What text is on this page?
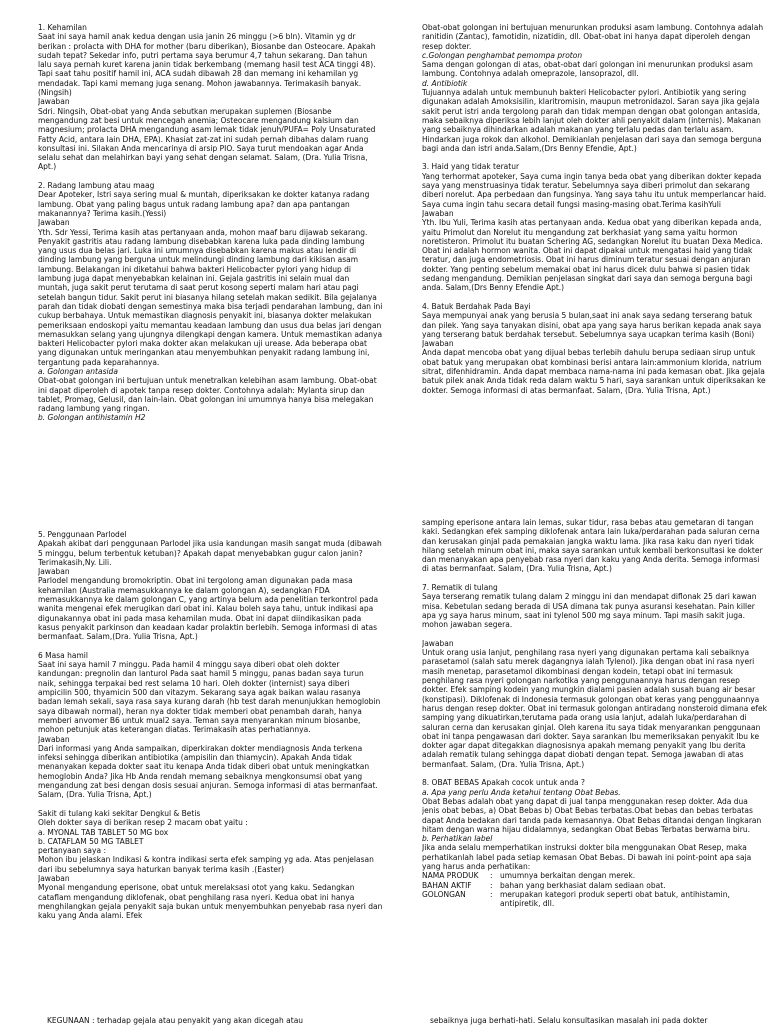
1. Kehamilan
Saat ini saya hamil anak kedua dengan usia janin 26 minggu (>6 bln). Vitamin yg dr berikan : prolacta with DHA for mother (baru diberikan), Biosanbe dan Osteocare. Apakah sudah tepat? Sekedar info, putri pertama saya berumur 4,7 tahun sekarang. Dan tahun lalu saya pernah kuret karena janin tidak berkembang (memang hasil test ACA tinggi 48). Tapi saat tahu positif hamil ini, ACA sudah dibawah 28 dan memang ini kehamilan yg mendadak. Tapi kami memang juga senang. Mohon jawabannya. Terimakasih banyak.(Ningsih)
Jawaban
Sdri. Ningsih, Obat-obat yang Anda sebutkan merupakan suplemen (Biosanbe mengandung zat besi untuk mencegah anemia; Osteocare mengandung kalsium dan magnesium; prolacta DHA mengandung asam lemak tidak jenuh/PUFA= Poly Unsaturated Fatty Acid, antara lain DHA, EPA). Khasiat zat-zat ini sudah pernah dibahas dalam ruang konsultasi ini. Silakan Anda mencarinya di arsip PIO. Saya turut mendoakan agar Anda selalu sehat dan melahirkan bayi yang sehat dengan selamat. Salam, (Dra. Yulia Trisna, Apt.)

2. Radang lambung atau maag
Dear Apoteker, Istri saya sering mual & muntah, diperiksakan ke dokter katanya radang lambung. Obat yang paling bagus untuk radang lambung apa? dan apa pantangan makanannya? Terima kasih.(Yessi)
Jawaban
Yth. Sdr Yessi, Terima kasih atas pertanyaan anda, mohon maaf baru dijawab sekarang. Penyakit gastritis atau radang lambung disebabkan karena luka pada dinding lambung yang usus dua belas jari. Luka ini umumnya disebabkan karena makus atau lendir di dinding lambung yang berguna untuk melindungi dinding lambung dari kikisan asam lambung. Belakangan ini diketahui bahwa bakteri Helicobacter pylori yang hidup di lambung juga dapat menyebabkan kelainan ini. Gejala gastritis ini selain mual dan muntah, juga sakit perut terutama di saat perut kosong seperti malam hari atau pagi setelah bangun tidur. Sakit perut ini biasanya hilang setelah makan sedikit. Bila gejalanya parah dan tidak diobati dengan semestinya maka bisa terjadi pendarahan lambung, dan ini cukup berbahaya. Untuk memastikan diagnosis penyakit ini, biasanya dokter melakukan pemeriksaan endoskopi yaitu memantau keadaan lambung dan usus dua belas jari dengan memasukkan selang yang ujungnya dilengkapi dengan kamera. Untuk memastikan adanya bakteri Helicobacter pylori maka dokter akan melakukan uji urease. Ada beberapa obat yang digunakan untuk meringankan atau menyembuhkan penyakit radang lambung ini, tergantung pada keparahannya.
a. Golongan antasida
Obat-obat golongan ini bertujuan untuk menetralkan kelebihan asam lambung. Obat-obat ini dapat diperoleh di apotek tanpa resep dokter. Contohnya adalah: Mylanta sirup dan tablet, Promag, Gelusil, dan lain-lain. Obat golongan ini umumnya hanya bisa melegakan radang lambung yang ringan.
b. Golongan antihistamin H2
Obat-obat golongan ini bertujuan menurunkan produksi asam lambung. Contohnya adalah ranitidin (Zantac), famotidin, nizatidin, dll. Obat-obat ini hanya dapat diperoleh dengan resep dokter.
c.Golongan penghambat pemompa proton
Sama dengan golongan di atas, obat-obat dari golongan ini menurunkan produksi asam lambung. Contohnya adalah omeprazole, lansoprazol, dll.
d. Antibiotik
Tujuannya adalah untuk membunuh bakteri Helicobacter pylori. Antibiotik yang sering digunakan adalah Amoksisilin, klaritromisin, maupun metronidazol. Saran saya jika gejala sakit perut istri anda tergolong parah dan tidak mempan dengan obat golongan antasida, maka sebaiknya diperiksa lebih lanjut oleh dokter ahli penyakit dalam (internis). Makanan yang sebaiknya dihindarkan adalah makanan yang terlalu pedas dan terlalu asam. Hindarkan juga rokok dan alkohol. Demikianlah penjelasan dari saya dan semoga berguna bagi anda dan istri anda.Salam,(Drs Benny Efendie, Apt.)

3. Haid yang tidak teratur
Yang terhormat apoteker, Saya cuma ingin tanya beda obat yang diberikan dokter kepada saya yang menstruasinya tidak teratur. Sebelumnya saya diberi primolut dan sekarang diberi norelut. Apa perbedaan dan fungsinya. Yang saya tahu itu untuk memperlancar haid. Saya cuma ingin tahu secara detail fungsi masing-masing obat.Terima kasihYuli
Jawaban
Yth. Ibu Yuli, Terima kasih atas pertanyaan anda. Kedua obat yang diberikan kepada anda, yaitu Primolut dan Norelut itu mengandung zat berkhasiat yang sama yaitu hormon noretisteron. Primolut itu buatan Schering AG, sedangkan Norelut itu buatan Dexa Medica. Obat ini adalah hormon wanita. Obat ini dapat dipakai untuk mengatasi haid yang tidak teratur, dan juga endometriosis. Obat ini harus diminum teratur sesuai dengan anjuran dokter. Yang penting sebelum memakai obat ini harus dicek dulu bahwa si pasien tidak sedang mengandung. Demikian penjelasan singkat dari saya dan semoga berguna bagi anda. Salam,(Drs Benny Efendie Apt.)

4. Batuk Berdahak Pada Bayi
Saya mempunyai anak yang berusia 5 bulan,saat ini anak saya sedang terserang batuk dan pilek. Yang saya tanyakan disini, obat apa yang saya harus berikan kepada anak saya yang terserang batuk berdahak tersebut. Sebelumnya saya ucapkan terima kasih (Boni)
Jawaban
Anda dapat mencoba obat yang dijual bebas terlebih dahulu berupa sediaan sirup untuk obat batuk yang merupakan obat kombinasi berisi antara lain:ammonium klorida, natrium sitrat, difenhidramin. Anda dapat membaca nama-nama ini pada kemasan obat. Jika gejala batuk pilek anak Anda tidak reda dalam waktu 5 hari, saya sarankan untuk diperiksakan ke dokter. Semoga informasi di atas bermanfaat. Salam, (Dra. Yulia Trisna, Apt.)
5. Penggunaan Parlodel
Apakah akibat dari penggunaan Parlodel jika usia kandungan masih sangat muda (dibawah 5 minggu, belum terbentuk ketuban)? Apakah dapat menyebabkan gugur calon janin? Terimakasih,Ny. Lili.
Jawaban
Parlodel mengandung bromokriptin. Obat ini tergolong aman digunakan pada masa kehamilan (Australia memasukkannya ke dalam golongan A), sedangkan FDA memasukkannya ke dalam golongan C, yang artinya belum ada penelitian terkontrol pada wanita mengenai efek merugikan dari obat ini. Kalau boleh saya tahu, untuk indikasi apa digunakannya obat ini pada masa kehamilan muda. Obat ini dapat diindikasikan pada kasus penyakit parkinson dan keadaan kadar prolaktin berlebih. Semoga informasi di atas bermanfaat. Salam,(Dra. Yulia Trisna, Apt.)

6 Masa hamil
Saat ini saya hamil 7 minggu. Pada hamil 4 minggu saya diberi obat oleh dokter kandungan: pregnolin dan lanturol Pada saat hamil 5 minggu, panas badan saya turun naik, sehingga terpakai bed rest selama 10 hari. Oleh dokter (internist) saya diberi ampicilin 500, thyamicin 500 dan vitazym. Sekarang saya agak baikan walau rasanya badan lemah sekali, saya rasa saya kurang darah (hb test darah menunjukkan hemoglobin saya dibawah normal), heran nya dokter tidak memberi obat penambah darah, hanya memberi anvomer B6 untuk mual2 saya. Teman saya menyarankan minum biosanbe, mohon petunjuk atas keterangan diatas. Terimakasih atas perhatiannya.
Jawaban
Dari informasi yang Anda sampaikan, diperkirakan dokter mendiagnosis Anda terkena infeksi sehingga diberikan antibiotika (ampisilin dan thiamycin). Apakah Anda tidak menanyakan kepada dokter saat itu kenapa Anda tidak diberi obat untuk meningkatkan hemoglobin Anda? Jika Hb Anda rendah memang sebaiknya mengkonsumsi obat yang mengandung zat besi dengan dosis sesuai anjuran. Semoga informasi di atas bermanfaat. Salam, (Dra. Yulia Trisna, Apt.)

Sakit di tulang kaki sekitar Dengkul & Betis
Oleh dokter saya di berikan resep 2 macam obat yaitu :
a. MYONAL TAB TABLET 50 MG box
b. CATAFLAM 50 MG TABLET
pertanyaan saya :
Mohon ibu jelaskan Indikasi & kontra indikasi serta efek samping yg ada. Atas penjelasan dari ibu sebelumnya saya haturkan banyak terima kasih .(Easter)
Jawaban
Myonal mengandung eperisone, obat untuk merelaksasi otot yang kaku. Sedangkan cataflam mengandung diklofenak, obat penghilang rasa nyeri. Kedua obat ini hanya menghilangkan gejala penyakit saja bukan untuk menyembuhkan penyebab rasa nyeri dan kaku yang Anda alami. Efek
samping eperisone antara lain lemas, sukar tidur, rasa bebas atau gemetaran di tangan kaki. Sedangkan efek samping diklofenak antara lain luka/perdarahan pada saluran cerna dan kerusakan ginjal pada pemakaian jangka waktu lama. Jika rasa kaku dan nyeri tidak hilang setelah minum obat ini, maka saya sarankan untuk kembali berkonsultasi ke dokter dan menanyakan apa penyebab rasa nyeri dan kaku yang Anda derita. Semoga informasi di atas bermanfaat. Salam, (Dra. Yulia Trisna, Apt.)

7. Rematik di tulang
Saya terserang rematik tulang dalam 2 minggu ini dan mendapat diflonak 25 dari kawan misa. Kebetulan sedang berada di USA dimana tak punya asuransi kesehatan. Pain killer apa yg saya harus minum, saat ini tylenol 500 mg saya minum. Tapi masih sakit juga. mohon jawaban segera.

Jawaban
Untuk orang usia lanjut, penghilang rasa nyeri yang digunakan pertama kali sebaiknya parasetamol (salah satu merek dagangnya ialah Tylenol). Jika dengan obat ini rasa nyeri masih menetap, parasetamol dikombinasi dengan kodein, tetapi obat ini termasuk penghilang rasa nyeri golongan narkotika yang penggunaannya harus dengan resep dokter. Efek samping kodein yang mungkin dialami pasien adalah susah buang air besar (konstipasi). Diklofenak di Indonesia termasuk golongan obat keras yang penggunaannya harus dengan resep dokter. Obat ini termasuk golongan antiradang nonsteroid dimana efek samping yang dikuatirkan,terutama pada orang usia lanjut, adalah luka/perdarahan di saluran cerna dan kerusakan ginjal. Oleh karena itu saya tidak menyarankan penggunaan obat ini tanpa pengawasan dari dokter. Saya sarankan Ibu memeriksakan penyakit Ibu ke dokter agar dapat ditegakkan diagnosisnya apakah memang penyakit yang Ibu derita adalah rematik tulang sehingga dapat diobati dengan tepat. Semoga jawaban di atas bermanfaat. Salam, (Dra. Yulia Trisna, Apt.)

8. OBAT BEBAS Apakah cocok untuk anda ?
a. Apa yang perlu Anda ketahui tentang Obat Bebas.
Obat Bebas adalah obat yang dapat di jual tanpa menggunakan resep dokter. Ada dua jenis obat bebas, a) Obat Bebas b) Obat Bebas terbatas.Obat bebas dan bebas terbatas dapat Anda bedakan dari tanda pada kemasannya. Obat Bebas ditandai dengan lingkaran hitam dengan warna hijau didalamnya, sedangkan Obat Bebas Terbatas berwarna biru.
b. Perhatikan label
Jika anda selalu memperhatikan instruksi dokter bila menggunakan Obat Resep, maka perhatikanlah label pada setiap kemasan Obat Bebas. Di bawah ini point-point apa saja yang harus anda perhatikan:

NAMA PRODUK	: umumnya berkaitan dengan merek.
BAHAN AKTIF	: bahan yang berkhasiat dalam sediaan obat.
GOLONGAN	: merupakan kategori produk seperti obat batuk, antihistamin, antipiretik, dll.
KEGUNAAN : terhadap gejala atau penyakit yang akan dicegah atau	sebaiknya juga berhati-hati. Selalu konsultasikan masalah ini pada dokter
